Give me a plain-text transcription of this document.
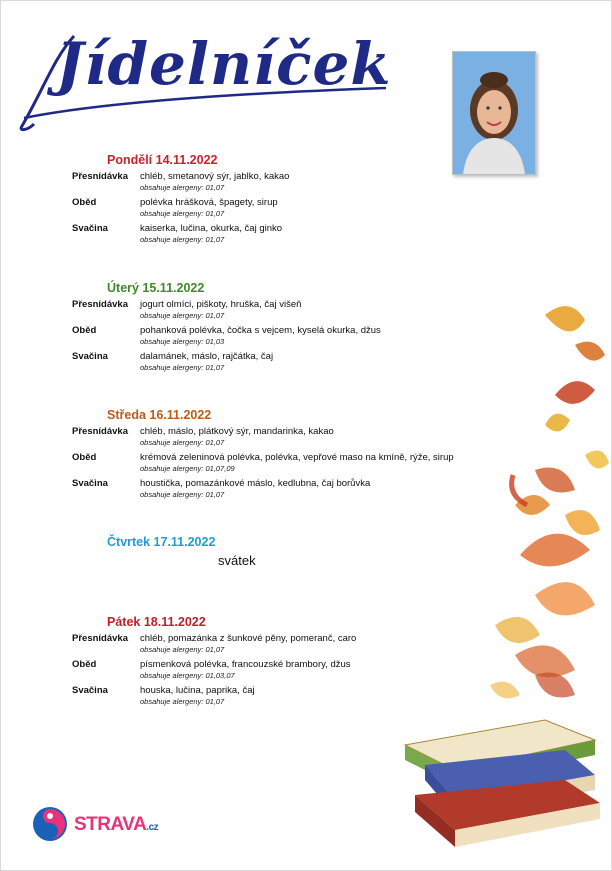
Jídelníček
Pondělí 14.11.2022
Přesnídávka chléb, smetanový sýr, jablko, kakao
obsahuje alergeny: 01,07
Oběd	polévka hrášková, špagety, sirup
obsahuje alergeny: 01,07
Svačina	kaiserka, lučina, okurka, čaj ginko
obsahuje alergeny: 01,07
Úterý 15.11.2022
Přesnídávka jogurt olmíci, piškoty, hruška, čaj višeň
obsahuje alergeny: 01,07
Oběd	pohanková polévka, čočka s vejcem, kyselá okurka, džus
obsahuje alergeny: 01,03
Svačina	dalamánek, máslo, rajčátka, čaj
obsahuje alergeny: 01,07
Středa 16.11.2022
Přesnídávka chléb, máslo, plátkový sýr, mandarinka, kakao
obsahuje alergeny: 01,07
Oběd	krémová zeleninová polévka, polévka, vepřové maso na kmíně, rýže, sirup
obsahuje alergeny: 01,07,09
Svačina	houstička, pomazánkové máslo, kedlubna, čaj borůvka
obsahuje alergeny: 01,07
Čtvrtek 17.11.2022
svátek
Pátek 18.11.2022
Přesnídávka chléb, pomazánka z šunkové pěny, pomeranč, caro
obsahuje alergeny: 01,07
Oběd	písmenková polévka, francouzské brambory, džus
obsahuje alergeny: 01,03,07
Svačina	houska, lučina, paprika, čaj
obsahuje alergeny: 01,07
STRAVA.cz
